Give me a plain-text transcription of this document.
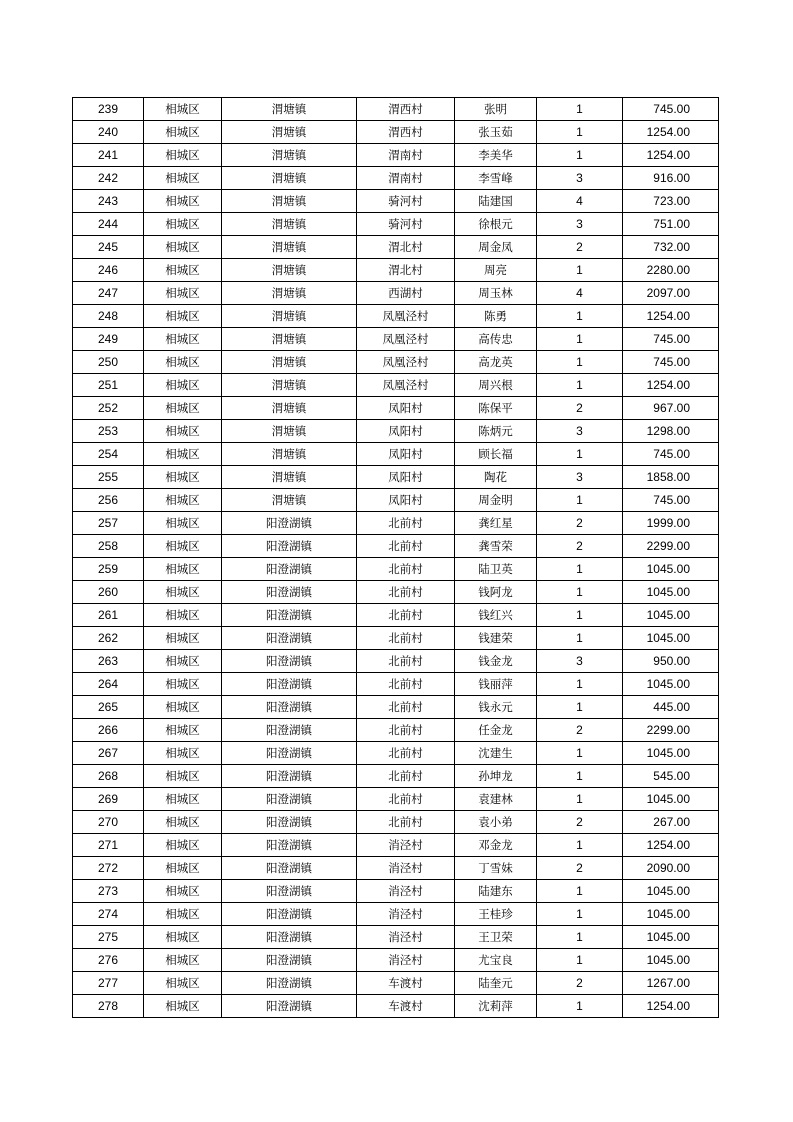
239	相城区	渭塘镇	渭西村	张明	1	745.00
240	相城区	渭塘镇	渭西村	张玉茹	1	1254.00
241	相城区	渭塘镇	渭南村	李美华	1	1254.00
242	相城区	渭塘镇	渭南村	李雪峰	3	916.00
243	相城区	渭塘镇	骑河村	陆建国	4	723.00
244	相城区	渭塘镇	骑河村	徐根元	3	751.00
245	相城区	渭塘镇	渭北村	周金凤	2	732.00
246	相城区	渭塘镇	渭北村	周亮	1	2280.00
247	相城区	渭塘镇	西湖村	周玉林	4	2097.00
248	相城区	渭塘镇	凤凰泾村	陈勇	1	1254.00
249	相城区	渭塘镇	凤凰泾村	高传忠	1	745.00
250	相城区	渭塘镇	凤凰泾村	高龙英	1	745.00
251	相城区	渭塘镇	凤凰泾村	周兴根	1	1254.00
252	相城区	渭塘镇	凤阳村	陈保平	2	967.00
253	相城区	渭塘镇	凤阳村	陈炳元	3	1298.00
254	相城区	渭塘镇	凤阳村	顾长福	1	745.00
255	相城区	渭塘镇	凤阳村	陶花	3	1858.00
256	相城区	渭塘镇	凤阳村	周金明	1	745.00
257	相城区	阳澄湖镇	北前村	龚红星	2	1999.00
258	相城区	阳澄湖镇	北前村	龚雪荣	2	2299.00
259	相城区	阳澄湖镇	北前村	陆卫英	1	1045.00
260	相城区	阳澄湖镇	北前村	钱阿龙	1	1045.00
261	相城区	阳澄湖镇	北前村	钱红兴	1	1045.00
262	相城区	阳澄湖镇	北前村	钱建荣	1	1045.00
263	相城区	阳澄湖镇	北前村	钱金龙	3	950.00
264	相城区	阳澄湖镇	北前村	钱丽萍	1	1045.00
265	相城区	阳澄湖镇	北前村	钱永元	1	445.00
266	相城区	阳澄湖镇	北前村	任金龙	2	2299.00
267	相城区	阳澄湖镇	北前村	沈建生	1	1045.00
268	相城区	阳澄湖镇	北前村	孙坤龙	1	545.00
269	相城区	阳澄湖镇	北前村	袁建林	1	1045.00
270	相城区	阳澄湖镇	北前村	袁小弟	2	267.00
271	相城区	阳澄湖镇	消泾村	邓金龙	1	1254.00
272	相城区	阳澄湖镇	消泾村	丁雪妹	2	2090.00
273	相城区	阳澄湖镇	消泾村	陆建东	1	1045.00
274	相城区	阳澄湖镇	消泾村	王桂珍	1	1045.00
275	相城区	阳澄湖镇	消泾村	王卫荣	1	1045.00
276	相城区	阳澄湖镇	消泾村	尤宝良	1	1045.00
277	相城区	阳澄湖镇	车渡村	陆奎元	2	1267.00
278	相城区	阳澄湖镇	车渡村	沈莉萍	1	1254.00
